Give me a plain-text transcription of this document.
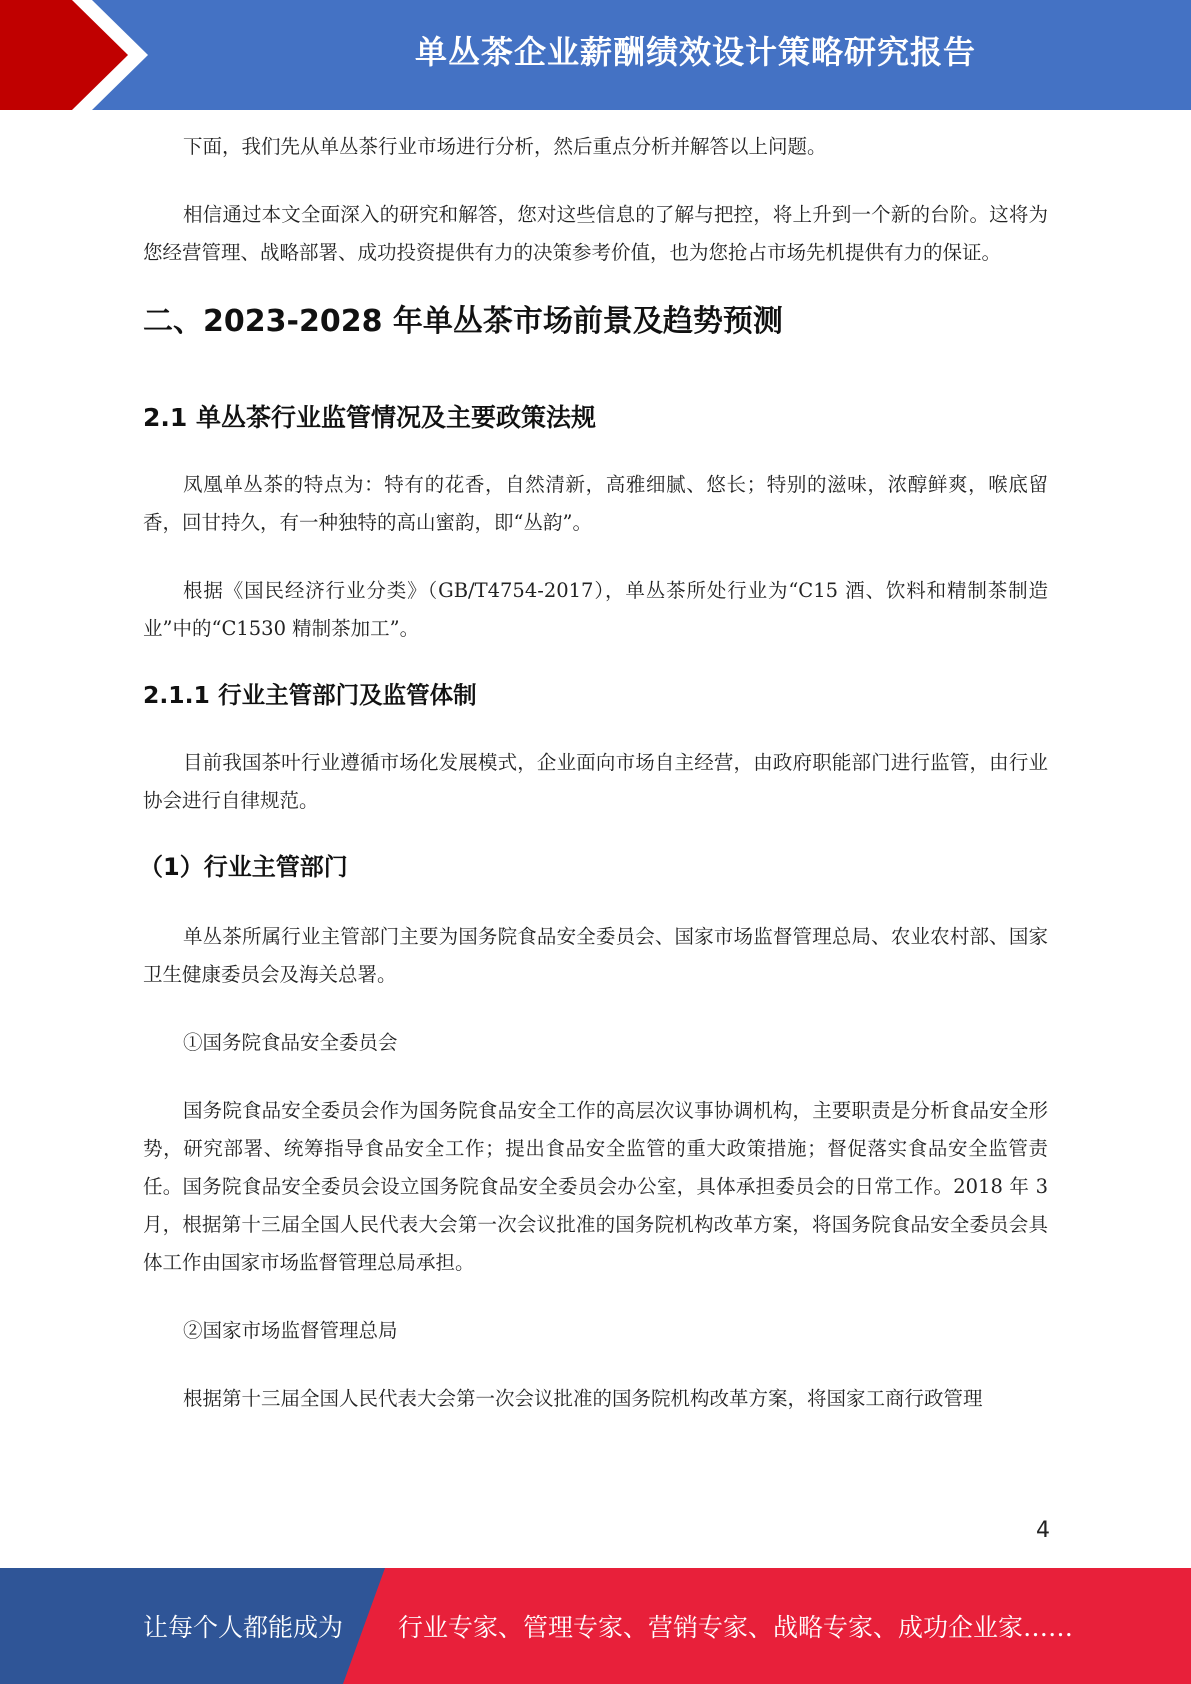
单丛茶企业薪酬绩效设计策略研究报告

下面，我们先从单丛茶行业市场进行分析，然后重点分析并解答以上问题。

相信通过本文全面深入的研究和解答，您对这些信息的了解与把控，将上升到一个新的台阶。这将为您经营管理、战略部署、成功投资提供有力的决策参考价值，也为您抢占市场先机提供有力的保证。

二、2023-2028 年单丛茶市场前景及趋势预测
2.1 单丛茶行业监管情况及主要政策法规

凤凰单丛茶的特点为：特有的花香，自然清新，高雅细腻、悠长；特别的滋味，浓醇鲜爽，喉底留香，回甘持久，有一种独特的高山蜜韵，即“丛韵”。

根据《国民经济行业分类》（GB/T4754-2017），单丛茶所处行业为“C15 酒、饮料和精制茶制造业”中的“C1530 精制茶加工”。

2.1.1 行业主管部门及监管体制

目前我国茶叶行业遵循市场化发展模式，企业面向市场自主经营，由政府职能部门进行监管，由行业协会进行自律规范。

（1）行业主管部门

单丛茶所属行业主管部门主要为国务院食品安全委员会、国家市场监督管理总局、农业农村部、国家卫生健康委员会及海关总署。

①国务院食品安全委员会

国务院食品安全委员会作为国务院食品安全工作的高层次议事协调机构，主要职责是分析食品安全形势，研究部署、统筹指导食品安全工作；提出食品安全监管的重大政策措施；督促落实食品安全监管责任。国务院食品安全委员会设立国务院食品安全委员会办公室，具体承担委员会的日常工作。2018 年 3 月，根据第十三届全国人民代表大会第一次会议批准的国务院机构改革方案，将国务院食品安全委员会具体工作由国家市场监督管理总局承担。

②国家市场监督管理总局

根据第十三届全国人民代表大会第一次会议批准的国务院机构改革方案，将国家工商行政管理

4
让每个人都能成为 行业专家、管理专家、营销专家、战略专家、成功企业家……
